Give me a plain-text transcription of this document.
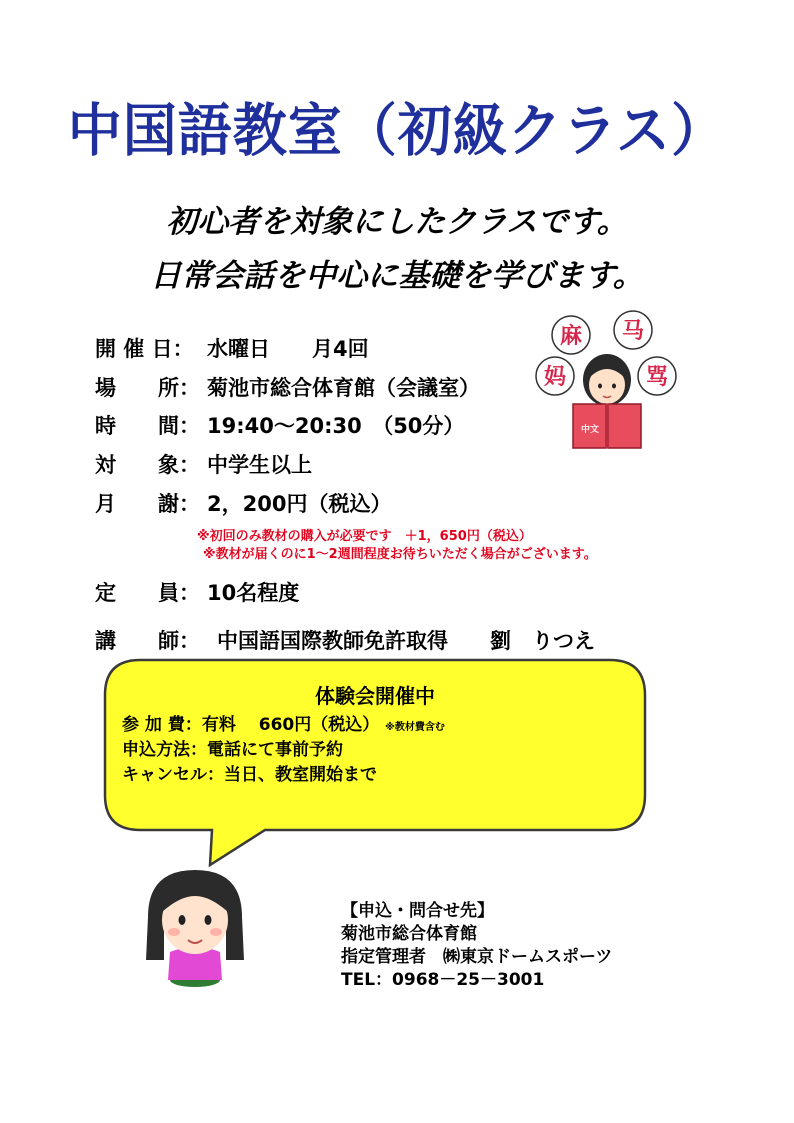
中国語教室（初級クラス）
初心者を対象にしたクラスです。
日常会話を中心に基礎を学びます。
開 催 日： 水曜日　　月4回
場　　所： 菊池市総合体育館（会議室）
時　　間： 19:40～20:30　（50分）
対　　象： 中学生以上
月　　謝： 2，200円（税込）
※初回のみ教材の購入が必要です　＋1，650円（税込）
※教材が届くのに1～2週間程度お待ちいただく場合がございます。
定　　員： 10名程度
講　　師： 中国語国際教師免許取得　　劉　りつえ
麻 马
妈	骂
中文
体験会開催中
参 加 費：有料　 660円（税込） ※教材費含む
申込方法：電話にて事前予約
キャンセル：当日、教室開始まで
【申込・問合せ先】
菊池市総合体育館
指定管理者　㈱東京ドームスポーツ
TEL：0968－25－3001
